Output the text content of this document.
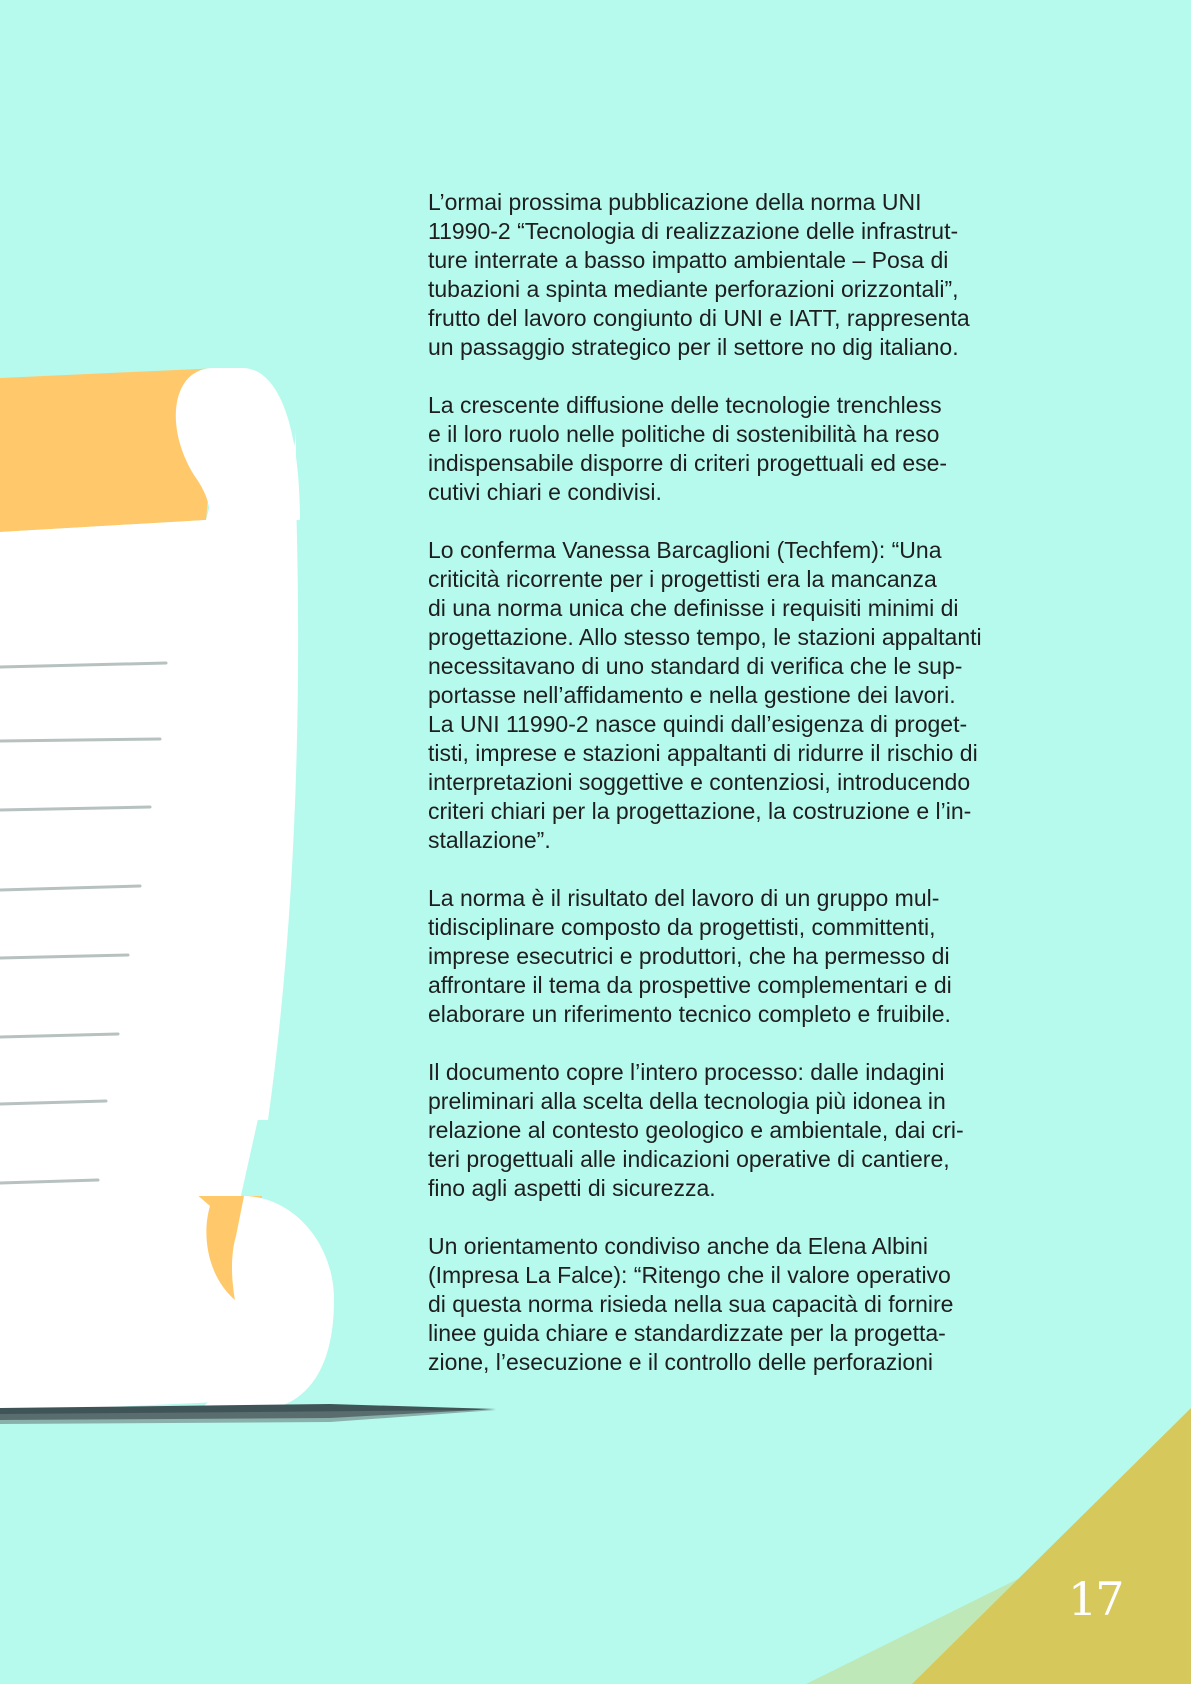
L’ormai prossima pubblicazione della norma UNI
11990-2 “Tecnologia di realizzazione delle infrastrut-
ture interrate a basso impatto ambientale – Posa di
tubazioni a spinta mediante perforazioni orizzontali”,
frutto del lavoro congiunto di UNI e IATT, rappresenta
un passaggio strategico per il settore no dig italiano.

La crescente diffusione delle tecnologie trenchless
e il loro ruolo nelle politiche di sostenibilità ha reso
indispensabile disporre di criteri progettuali ed ese-
cutivi chiari e condivisi.

Lo conferma Vanessa Barcaglioni (Techfem): “Una
criticità ricorrente per i progettisti era la mancanza
di una norma unica che definisse i requisiti minimi di
progettazione. Allo stesso tempo, le stazioni appaltanti
necessitavano di uno standard di verifica che le sup-
portasse nell’affidamento e nella gestione dei lavori.
La UNI 11990-2 nasce quindi dall’esigenza di proget-
tisti, imprese e stazioni appaltanti di ridurre il rischio di
interpretazioni soggettive e contenziosi, introducendo
criteri chiari per la progettazione, la costruzione e l’in-
stallazione”.

La norma è il risultato del lavoro di un gruppo mul-
tidisciplinare composto da progettisti, committenti,
imprese esecutrici e produttori, che ha permesso di
affrontare il tema da prospettive complementari e di
elaborare un riferimento tecnico completo e fruibile.

Il documento copre l’intero processo: dalle indagini
preliminari alla scelta della tecnologia più idonea in
relazione al contesto geologico e ambientale, dai cri-
teri progettuali alle indicazioni operative di cantiere,
fino agli aspetti di sicurezza.

Un orientamento condiviso anche da Elena Albini
(Impresa La Falce): “Ritengo che il valore operativo
di questa norma risieda nella sua capacità di fornire
linee guida chiare e standardizzate per la progetta-
zione, l’esecuzione e il controllo delle perforazioni

17
